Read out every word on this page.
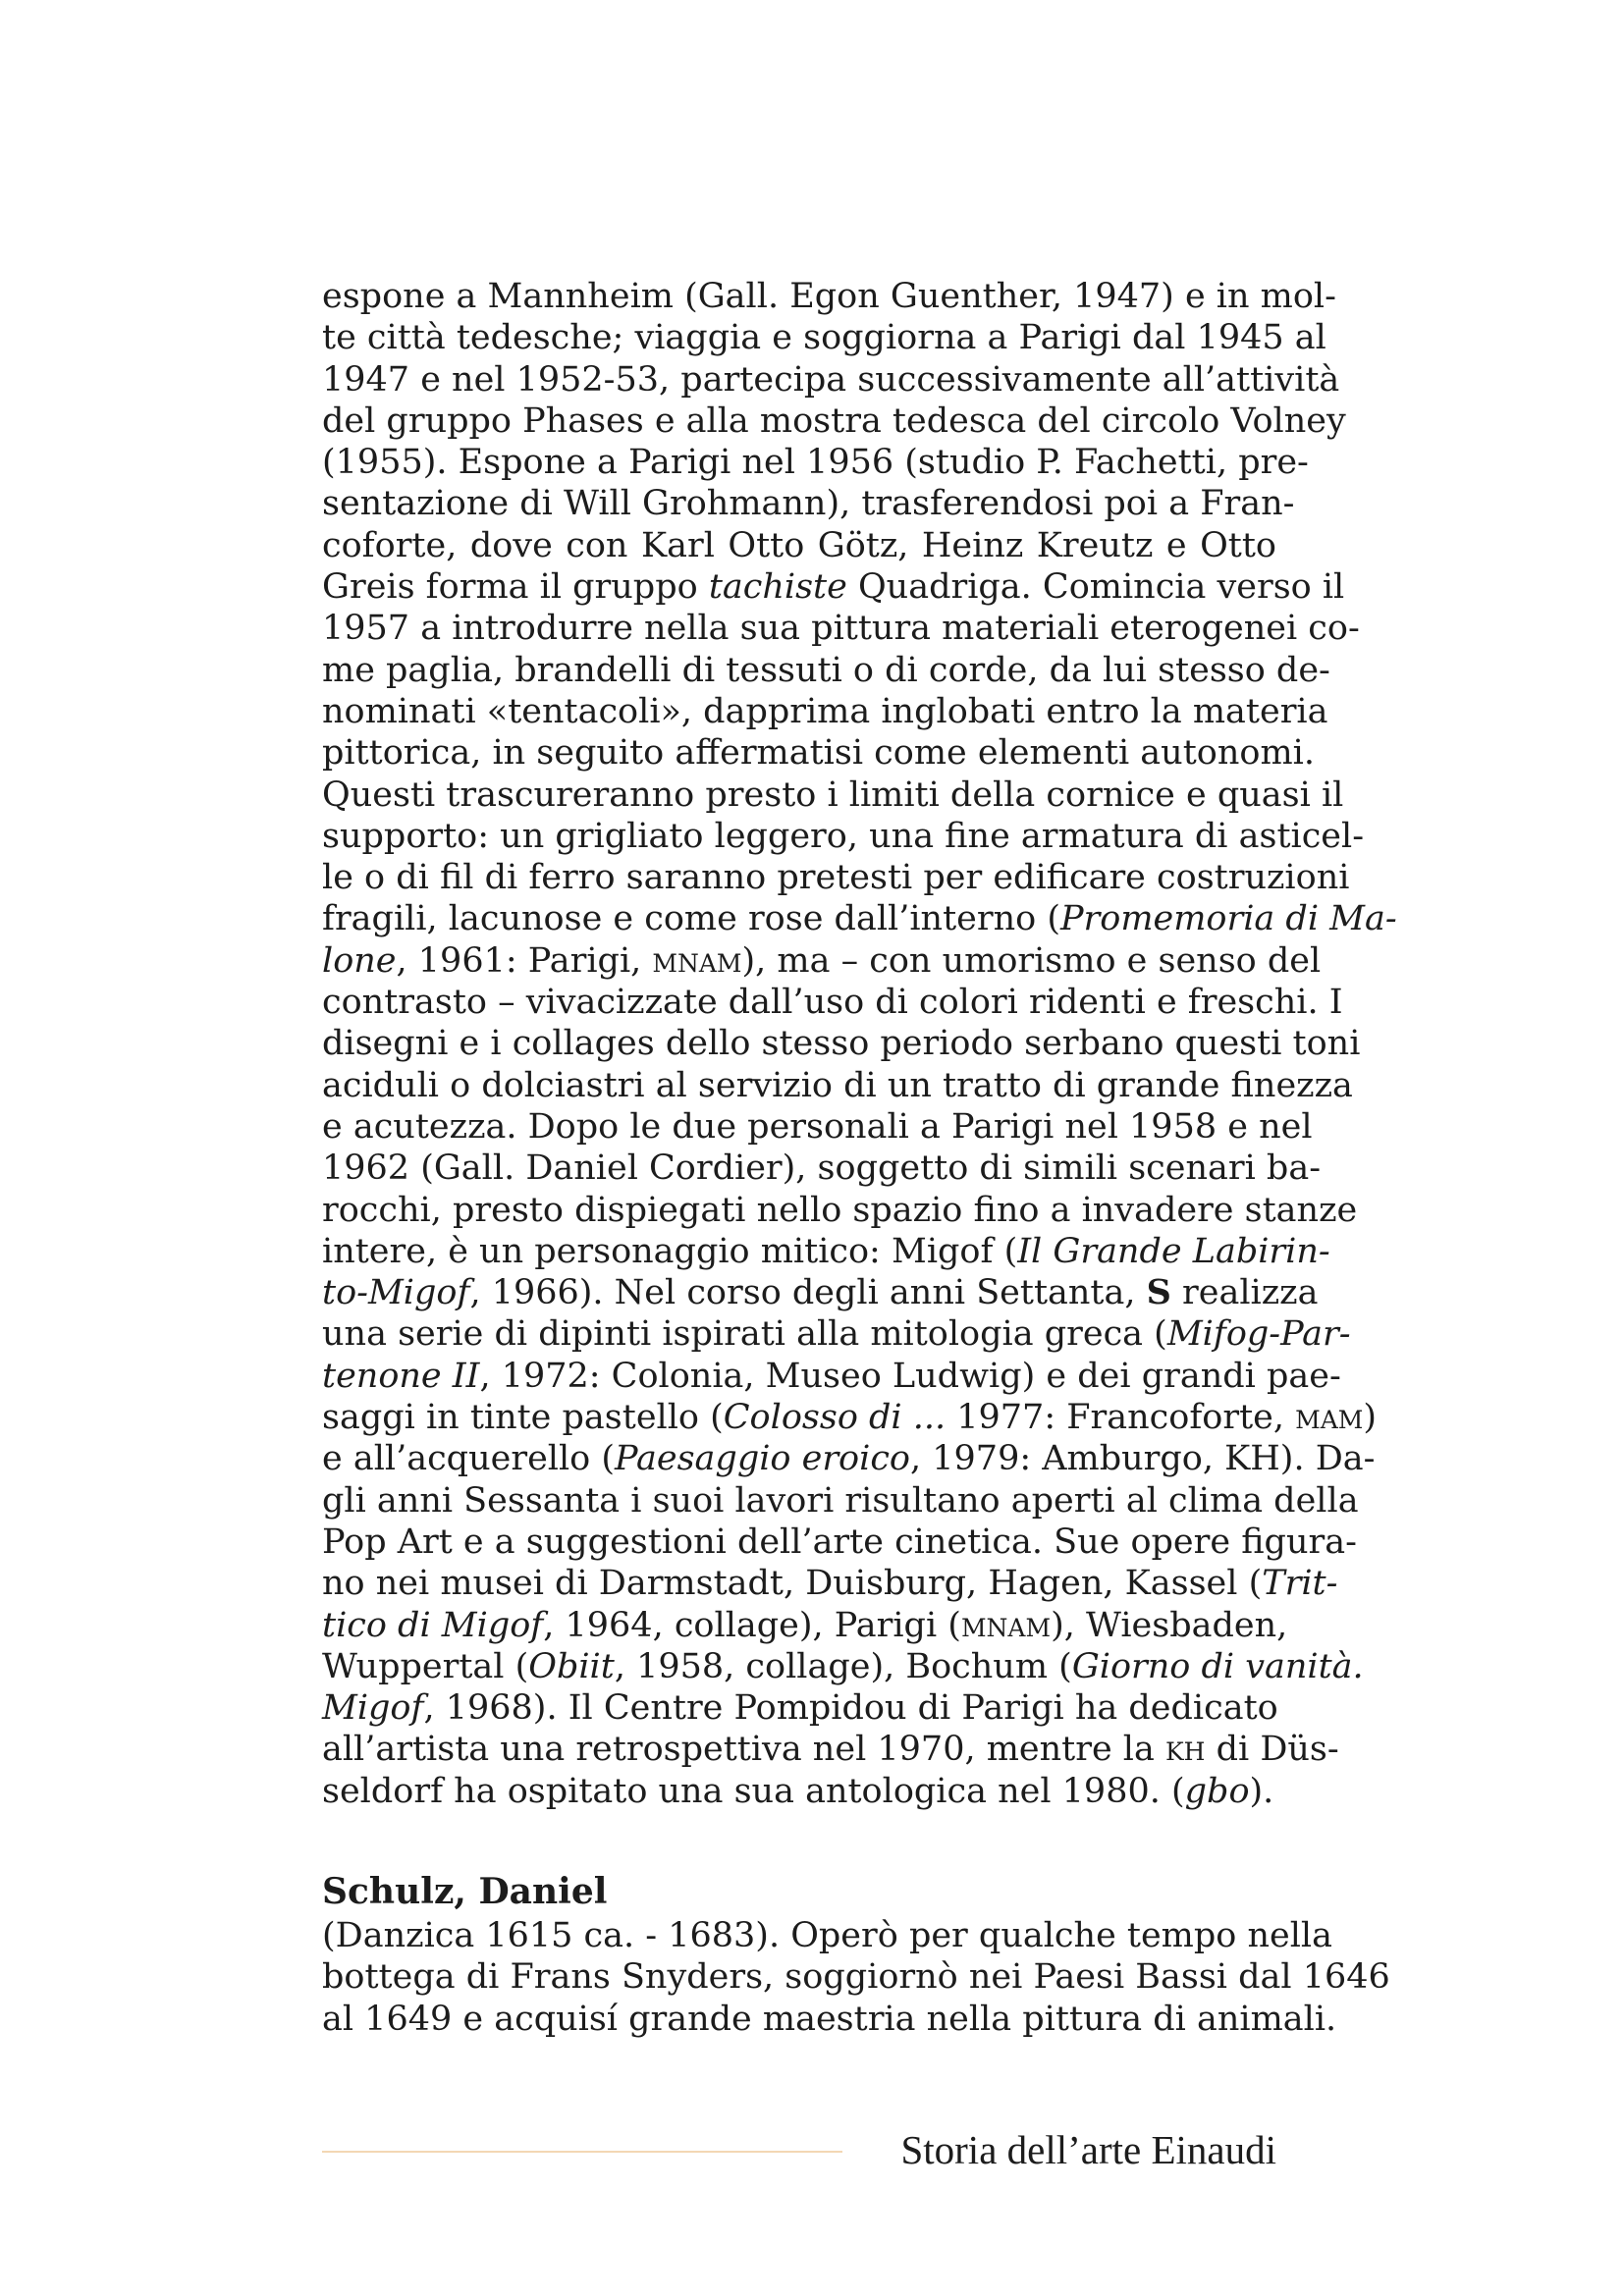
espone a Mannheim (Gall. Egon Guenther, 1947) e in mol-
te città tedesche; viaggia e soggiorna a Parigi dal 1945 al
1947 e nel 1952-53, partecipa successivamente all’attività
del gruppo Phases e alla mostra tedesca del circolo Volney
(1955). Espone a Parigi nel 1956 (studio P. Fachetti, pre-
sentazione di Will Grohmann), trasferendosi poi a Fran-
coforte, dove con Karl Otto Götz, Heinz Kreutz e Otto
Greis forma il gruppo tachiste Quadriga. Comincia verso il
1957 a introdurre nella sua pittura materiali eterogenei co-
me paglia, brandelli di tessuti o di corde, da lui stesso de-
nominati «tentacoli», dapprima inglobati entro la materia
pittorica, in seguito affermatisi come elementi autonomi.
Questi trascureranno presto i limiti della cornice e quasi il
supporto: un grigliato leggero, una fine armatura di asticel-
le o di fil di ferro saranno pretesti per edificare costruzioni
fragili, lacunose e come rose dall’interno (Promemoria di Ma-
lone, 1961: Parigi, mnam), ma – con umorismo e senso del
contrasto – vivacizzate dall’uso di colori ridenti e freschi. I
disegni e i collages dello stesso periodo serbano questi toni
aciduli o dolciastri al servizio di un tratto di grande finezza
e acutezza. Dopo le due personali a Parigi nel 1958 e nel
1962 (Gall. Daniel Cordier), soggetto di simili scenari ba-
rocchi, presto dispiegati nello spazio fino a invadere stanze
intere, è un personaggio mitico: Migof (Il Grande Labirin-
to-Migof, 1966). Nel corso degli anni Settanta, S realizza
una serie di dipinti ispirati alla mitologia greca (Mifog-Par-
tenone II, 1972: Colonia, Museo Ludwig) e dei grandi pae-
saggi in tinte pastello (Colosso di ... 1977: Francoforte, mam)
e all’acquerello (Paesaggio eroico, 1979: Amburgo, KH). Da-
gli anni Sessanta i suoi lavori risultano aperti al clima della
Pop Art e a suggestioni dell’arte cinetica. Sue opere figura-
no nei musei di Darmstadt, Duisburg, Hagen, Kassel (Trit-
tico di Migof, 1964, collage), Parigi (mnam), Wiesbaden,
Wuppertal (Obiit, 1958, collage), Bochum (Giorno di vanità.
Migof, 1968). Il Centre Pompidou di Parigi ha dedicato
all’artista una retrospettiva nel 1970, mentre la kh di Düs-
seldorf ha ospitato una sua antologica nel 1980. (gbo).
Schulz, Daniel
(Danzica 1615 ca. - 1683). Operò per qualche tempo nella
bottega di Frans Snyders, soggiornò nei Paesi Bassi dal 1646
al 1649 e acquisí grande maestria nella pittura di animali.
Storia dell’arte Einaudi
